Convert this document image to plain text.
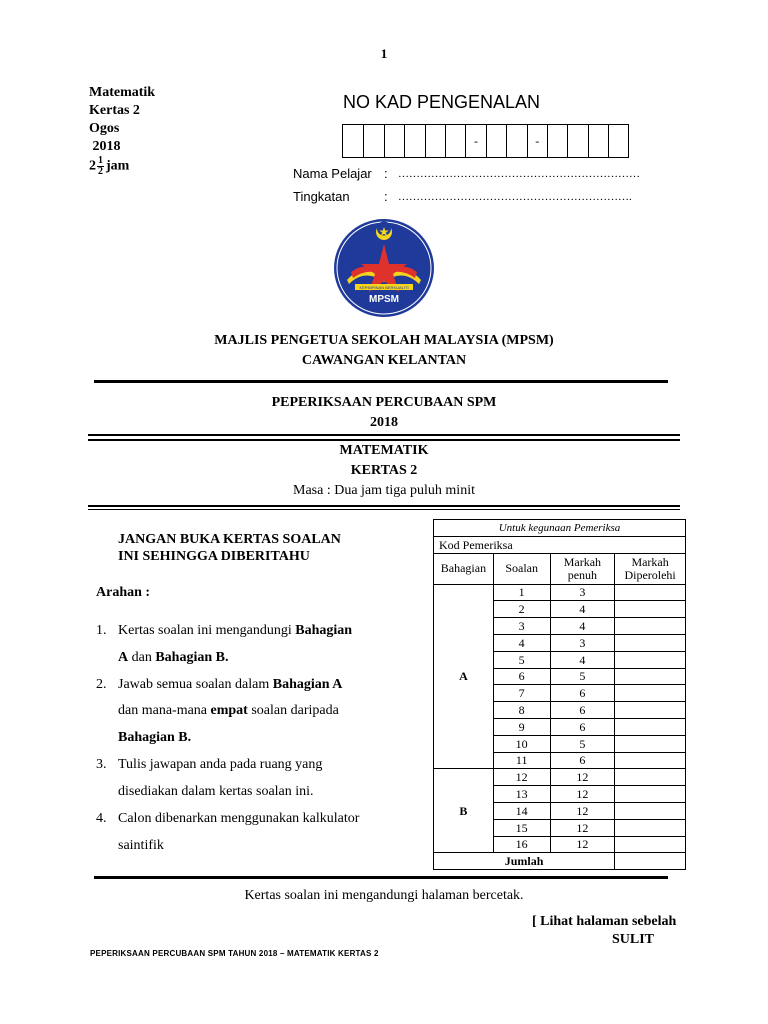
1
Matematik
Kertas 2
Ogos
2018
$2 \frac{1}{2}$ jam
NO KAD PENGENALAN
-	-
Nama Pelajar : …………………………………………………………
Tingkatan	: ……………………………………………………….
KEPIMPINAN BERKUALITI
MPSM
MAJLIS PENGETUA SEKOLAH MALAYSIA (MPSM)
CAWANGAN KELANTAN
PEPERIKSAAN PERCUBAAN SPM
2018
MATEMATIK
KERTAS 2
Masa : Dua jam tiga puluh minit
JANGAN BUKA KERTAS SOALAN
INI SEHINGGA DIBERITAHU
Arahan :
1. Kertas soalan ini mengandungi Bahagian
A dan Bahagian B.
2. Jawab semua soalan dalam Bahagian A
dan mana-mana empat soalan daripada
Bahagian B.
3. Tulis jawapan anda pada ruang yang
disediakan dalam kertas soalan ini.
4. Calon dibenarkan menggunakan kalkulator
saintifik
Untuk kegunaan Pemeriksa			
Kod Pemeriksa			
Bahagian	Soalan	Markah penuh	Markah Diperolehi
A	1	3	
	2	4	
	3	4	
	4	3	
	5	4	
	6	5	
	7	6	
	8	6	
	9	6	
	10	5	
	11	6	
B	12	12	
	13	12	
	14	12	
	15	12	
	16	12	
Jumlah			
Kertas soalan ini mengandungi halaman bercetak.
[ Lihat halaman sebelah
SULIT
PEPERIKSAAN PERCUBAAN SPM TAHUN 2018 – MATEMATIK KERTAS 2
